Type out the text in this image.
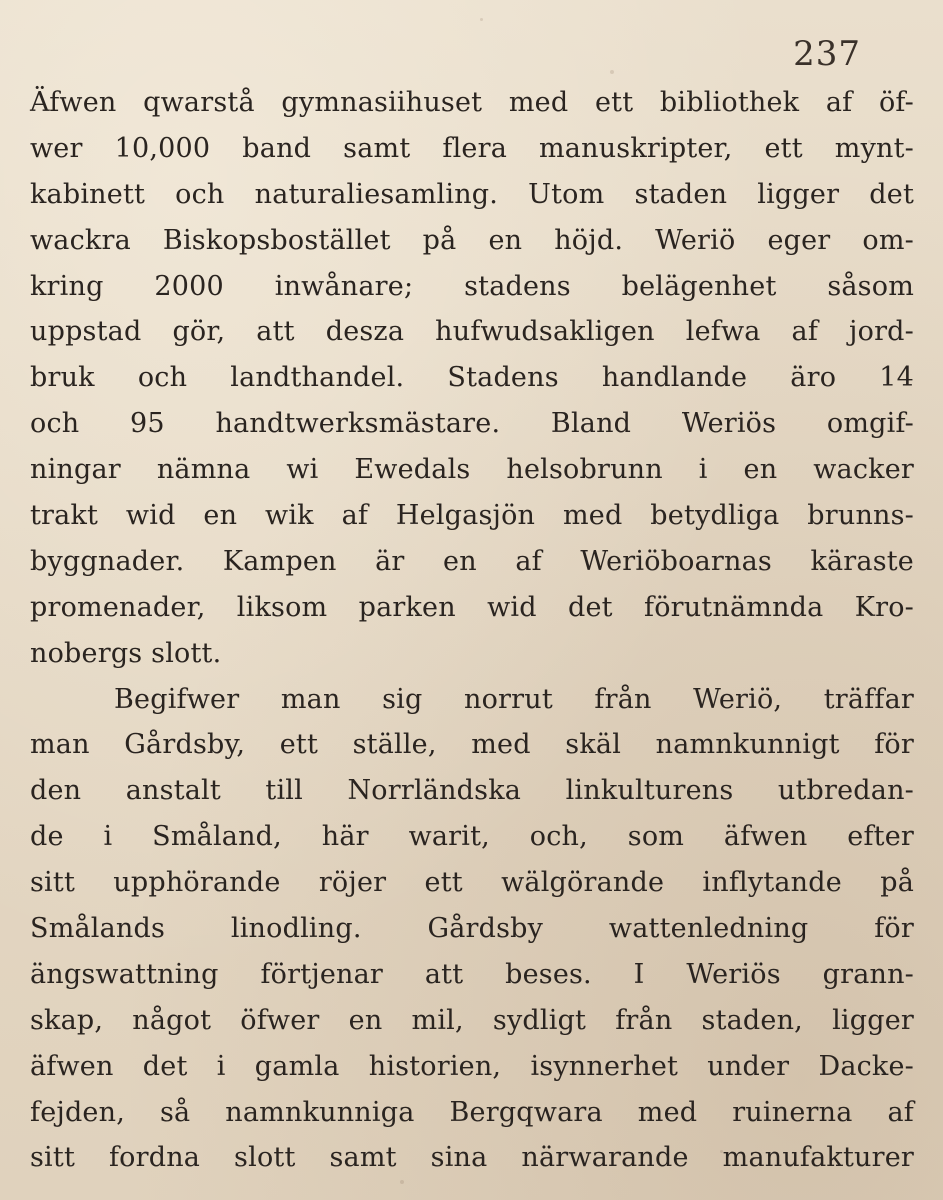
237
Äfwen qwarstå gymnasiihuset med ett bibliothek af öf-
wer 10,000 band samt flera manuskripter, ett mynt-
kabinett och naturaliesamling. Utom staden ligger det
wackra Biskopsbostället på en höjd. Weriö eger om-
kring 2000 inwånare; stadens belägenhet såsom
uppstad gör, att desza hufwudsakligen lefwa af jord-
bruk och landthandel. Stadens handlande äro 14
och 95 handtwerksmästare. Bland Weriös omgif-
ningar nämna wi Ewedals helsobrunn i en wacker
trakt wid en wik af Helgasjön med betydliga brunns-
byggnader. Kampen är en af Weriöboarnas käraste
promenader, liksom parken wid det förutnämnda Kro-
nobergs slott.
Begifwer man sig norrut från Weriö, träffar
man Gårdsby, ett ställe, med skäl namnkunnigt för
den anstalt till Norrländska linkulturens utbredan-
de i Småland, här warit, och, som äfwen efter
sitt upphörande röjer ett wälgörande inflytande på
Smålands linodling. Gårdsby wattenledning för
ängswattning förtjenar att beses. I Weriös grann-
skap, något öfwer en mil, sydligt från staden, ligger
äfwen det i gamla historien, isynnerhet under Dacke-
fejden, så namnkunniga Bergqwara med ruinerna af
sitt fordna slott samt sina närwarande manufakturer
